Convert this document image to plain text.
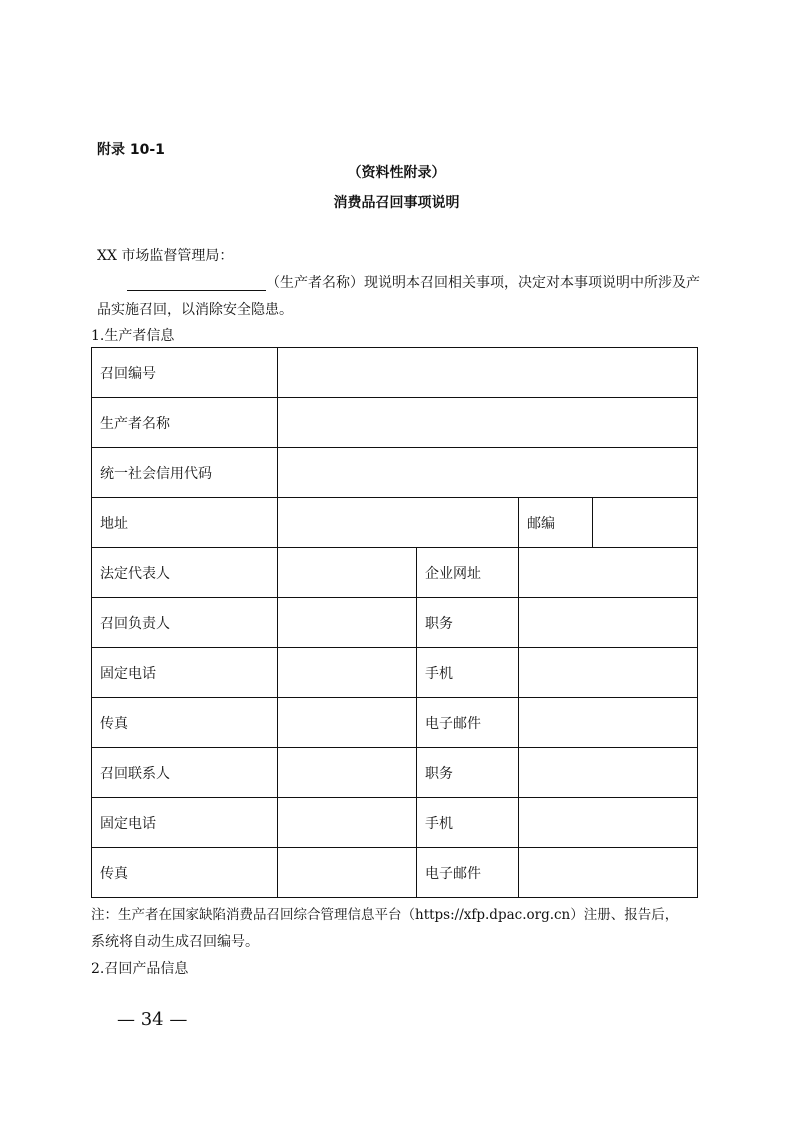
附录 10-1
（资料性附录）
消费品召回事项说明
XX 市场监督管理局：
（生产者名称）现说明本召回相关事项，决定对本事项说明中所涉及产
品实施召回，以消除安全隐患。
1.生产者信息
召回编号				
生产者名称				
统一社会信用代码				
地址			邮编	
法定代表人		企业网址		
召回负责人		职务		
固定电话		手机		
传真		电子邮件		
召回联系人		职务		
固定电话		手机		
传真		电子邮件		
注：生产者在国家缺陷消费品召回综合管理信息平台（https://xfp.dpac.org.cn）注册、报告后，
系统将自动生成召回编号。
2.召回产品信息
— 34 —
